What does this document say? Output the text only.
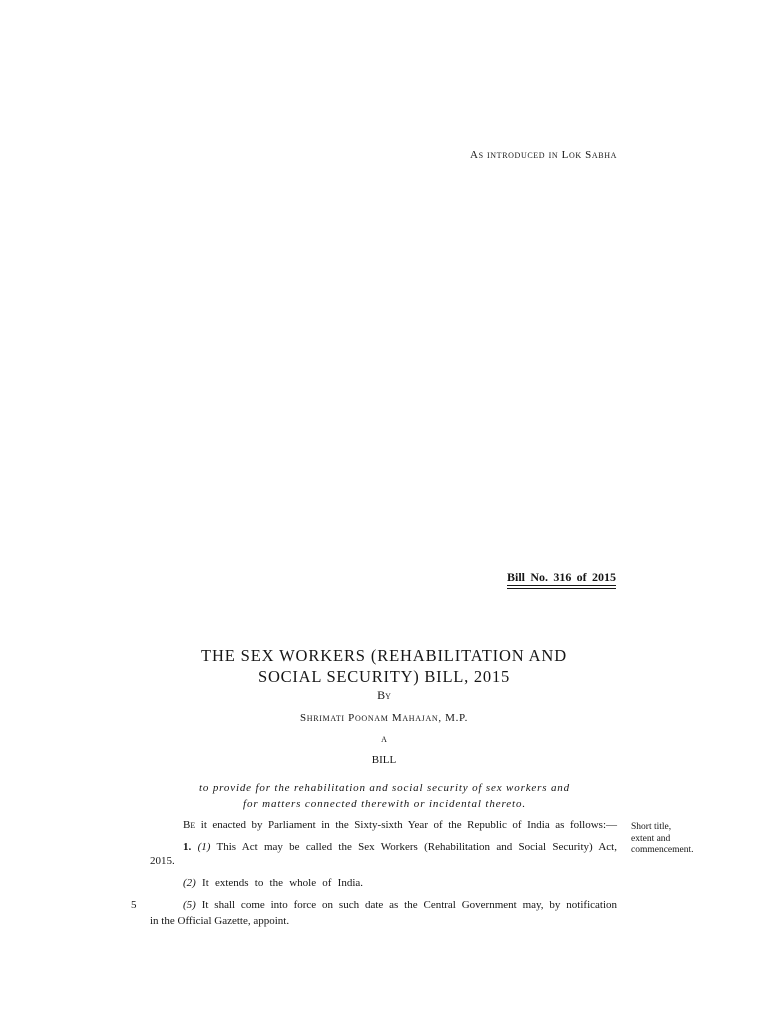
As introduced in Lok Sabha
Bill No. 316 of 2015
THE SEX WORKERS (REHABILITATION AND
SOCIAL SECURITY) BILL, 2015
By
Shrimati Poonam Mahajan, M.P.
a
BILL
to provide for the rehabilitation and social security of sex workers and
for matters connected therewith or incidental thereto.
Be it enacted by Parliament in the Sixty-sixth Year of the Republic of India as follows:— Short title,
extent and
commencement.
1. (1) This Act may be called the Sex Workers (Rehabilitation and Social Security) Act,
2015.
(2) It extends to the whole of India.
5	(5) It shall come into force on such date as the Central Government may, by notification
in the Official Gazette, appoint.
